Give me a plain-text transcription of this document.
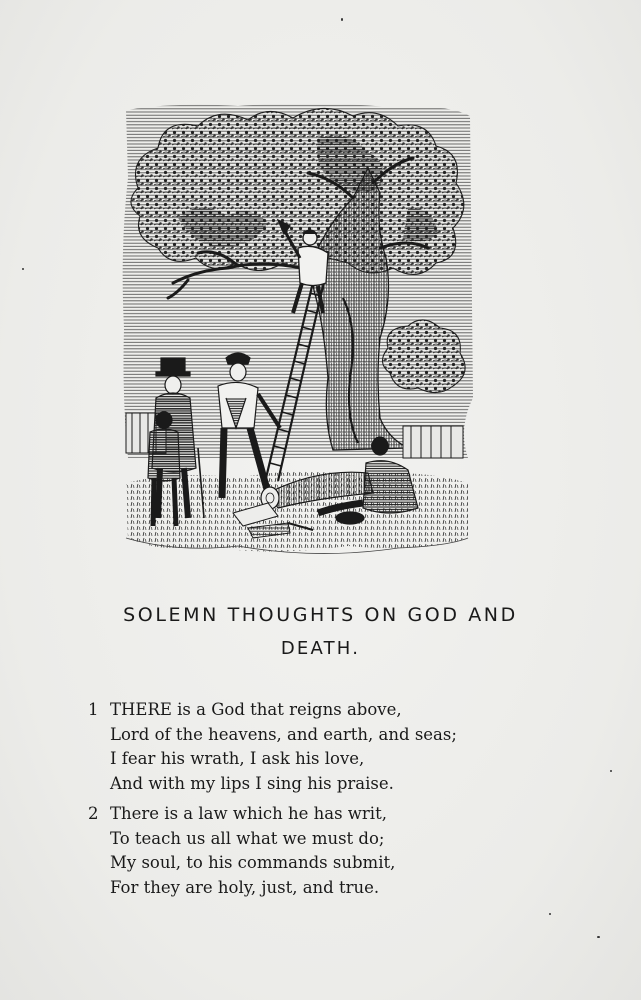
SOLEMN THOUGHTS ON GOD AND
DEATH.
1 THERE is a God that reigns above,
Lord of the heavens, and earth, and seas;
I fear his wrath, I ask his love,
And with my lips I sing his praise.
2 There is a law which he has writ,
To teach us all what we must do;
My soul, to his commands submit,
For they are holy, just, and true.
